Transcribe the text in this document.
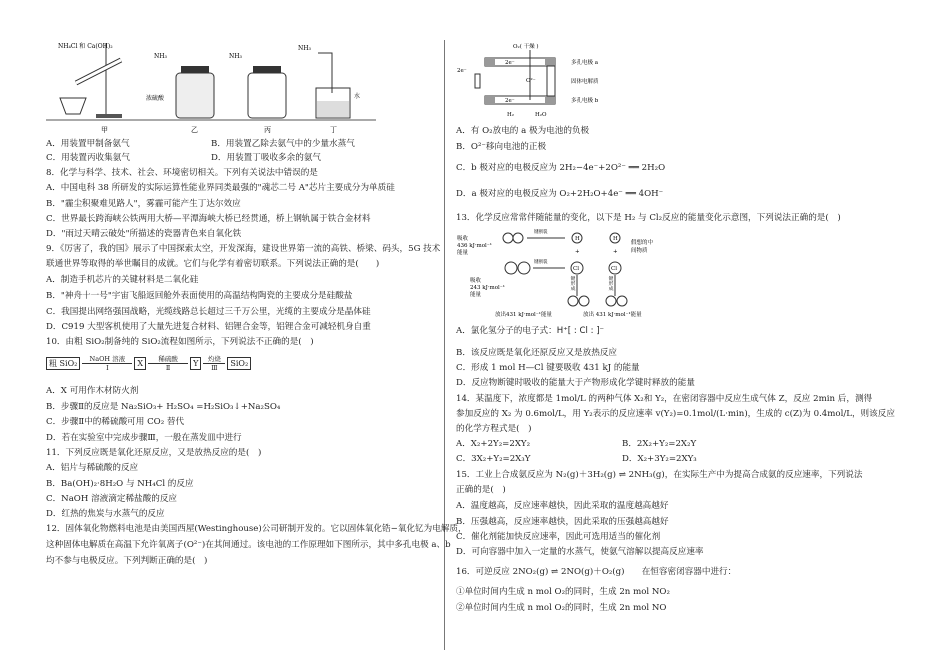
NH₄Cl 和 Ca(OH)₂
NH₃
浓硫酸
NH₃
NH₃
水
甲	乙	丙	丁
A．用装置甲制备氨气	B．用装置乙除去氨气中的少量水蒸气
C．用装置丙收集氨气	D．用装置丁吸收多余的氨气
8．化学与科学、技术、社会、环境密切相关。下列有关说法中错误的是
A．中国电科 38 所研发的实际运算性能业界同类最强的"魂芯二号 A"芯片主要成分为单质硅
B．"霾尘积聚难见路人"，雾霾可能产生丁达尔效应
C．世界最长跨海峡公铁两用大桥—平潭海峡大桥已经贯通，桥上钢轨属于铁合金材料
D．"雨过天晴云破处"所描述的瓷器青色来自氧化铁
9．《厉害了，我的国》展示了中国探索太空，开发深海，建设世界第一流的高铁、桥梁、码头，5G 技术
联通世界等取得的举世瞩目的成就。它们与化学有着密切联系。下列说法正确的是(　　)
A．制造手机芯片的关键材料是二氧化硅
B．"神舟十一号"宇宙飞船返回舱外表面使用的高温结构陶瓷的主要成分是硅酸盐
C．我国提出网络强国战略，光缆线路总长超过三千万公里，光缆的主要成分是晶体硅
D．C919 大型客机使用了大量先进复合材料、铝锂合金等，铝锂合金可减轻机身自重
10．由粗 SiO₂制备纯的 SiO₂流程如图所示，下列说法不正确的是(　)
粗 SiO₂	NaOH 溶液
Ⅰ	X	稀硫酸
Ⅱ	Y	灼烧
Ⅲ	SiO₂
A．X 可用作木材防火剂
B．步骤Ⅱ的反应是 Na₂SiO₃+ H₂SO₄ =H₂SiO₃↓+Na₂SO₄
C．步骤Ⅱ中的稀硫酸可用 CO₂ 替代
D．若在实验室中完成步骤Ⅲ，一般在蒸发皿中进行
11．下列反应既是氧化还原反应，又是放热反应的是(　)
A．铝片与稀硫酸的反应
B．Ba(OH)₂·8H₂O 与 NH₄Cl 的反应
C．NaOH 溶液滴定稀盐酸的反应
D．红热的焦炭与水蒸气的反应
12．固体氧化物燃料电池是由美国西屋(Westinghouse)公司研制开发的。它以固体氧化锆−氧化钇为电解质，
这种固体电解质在高温下允许氧离子(O²⁻)在其间通过。该电池的工作原理如下图所示，其中多孔电极 a、b
均不参与电极反应。下列判断正确的是(　)
O₂( 干燥 )
2e⁻
2e⁻
2e⁻
O²⁻
H₂	H₂O
多孔电极 a
固体电解质
多孔电极 b
A．有 O₂放电的 a 极为电池的负极
B．O²⁻移向电池的正极
C．b 极对应的电极反应为 2H₂−4e⁻+2O²⁻ ══ 2H₂O
D．a 极对应的电极反应为 O₂+2H₂O+4e⁻ ══ 4OH⁻
13．化学反应常常伴随能量的变化，以下是 H₂ 与 Cl₂反应的能量变化示意图，下列说法正确的是(　)
吸收
436 kJ·mol⁻¹
能量
键断裂
H
+
键断裂
Cl
H
+
Cl
假想的中
间物质
吸收
243 kJ·mol⁻¹
能量
键形成	键形成
放出431 kJ·mol⁻¹能量	放出 431 kJ·mol⁻¹能量
A．氯化氢分子的电子式：H⁺[ : Cl : ]⁻
B．该反应既是氧化还原反应又是放热反应
C．形成 1 mol H—Cl 键要吸收 431 kJ 的能量
D．反应物断键时吸收的能量大于产物形成化学键时释放的能量
14．某温度下，浓度都是 1mol/L 的两种气体 X₂和 Y₂，在密闭容器中反应生成气体 Z，反应 2min 后，测得
参加反应的 X₂ 为 0.6mol/L，用 Y₂表示的反应速率 v(Y₂)=0.1mol/(L·min)，生成的 c(Z)为 0.4mol/L，则该反应
的化学方程式是(　)
A．X₂+2Y₂=2XY₂	B．2X₂+Y₂=2X₂Y
C．3X₂+Y₂=2X₃Y	D．X₂+3Y₂=2XY₃
15．工业上合成氨反应为 N₂(g)＋3H₂(g) ⇌ 2NH₃(g)，在实际生产中为提高合成氨的反应速率，下列说法
正确的是(　)
A．温度越高，反应速率越快，因此采取的温度越高越好
B．压强越高，反应速率越快，因此采取的压强越高越好
C．催化剂能加快反应速率，因此可选用适当的催化剂
D．可向容器中加入一定量的水蒸气，使氨气溶解以提高反应速率
16．可逆反应 2NO₂(g) ⇌ 2NO(g)＋O₂(g)　　在恒容密闭容器中进行：
①单位时间内生成 n mol O₂的同时，生成 2n mol NO₂
②单位时间内生成 n mol O₂的同时，生成 2n mol NO
